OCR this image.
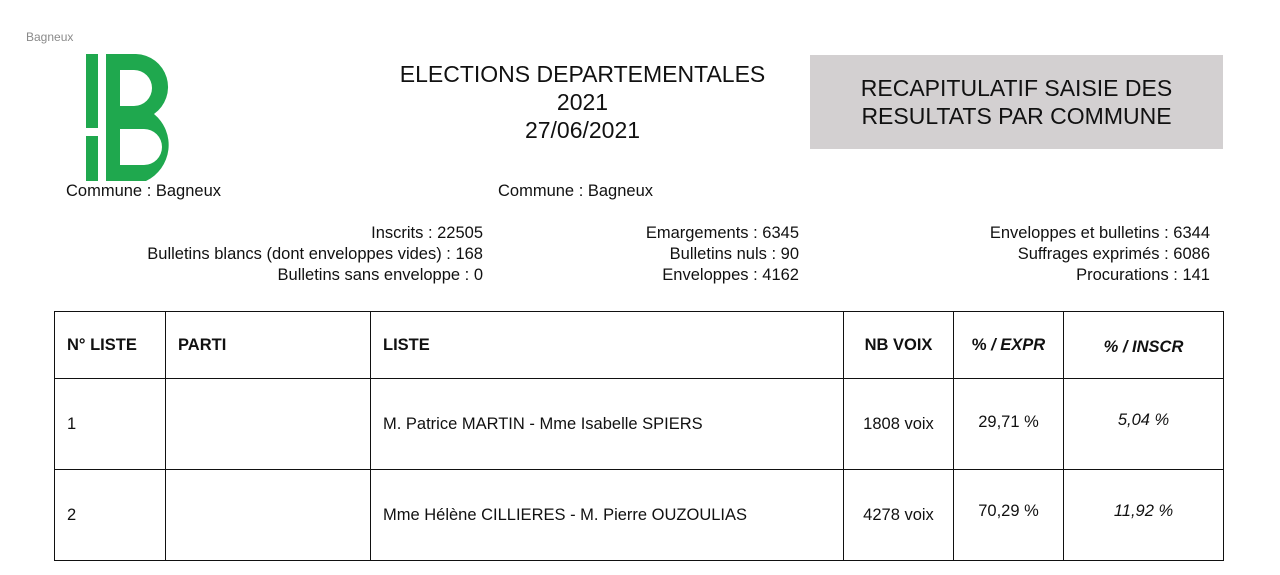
Bagneux
ELECTIONS DEPARTEMENTALES
2021
27/06/2021
RECAPITULATIF SAISIE DES
RESULTATS PAR COMMUNE
Commune : Bagneux	Commune : Bagneux
Inscrits : 22505
Bulletins blancs (dont enveloppes vides) : 168
Bulletins sans enveloppe : 0
Emargements : 6345
Bulletins nuls : 90
Enveloppes : 4162
Enveloppes et bulletins : 6344
Suffrages exprimés : 6086
Procurations : 141
N° LISTE	PARTI	LISTE	NB VOIX	% / EXPR	% / INSCR
1		M. Patrice MARTIN - Mme Isabelle SPIERS	1808 voix	29,71 %	5,04 %
2		Mme Hélène CILLIERES - M. Pierre OUZOULIAS	4278 voix	70,29 %	11,92 %
